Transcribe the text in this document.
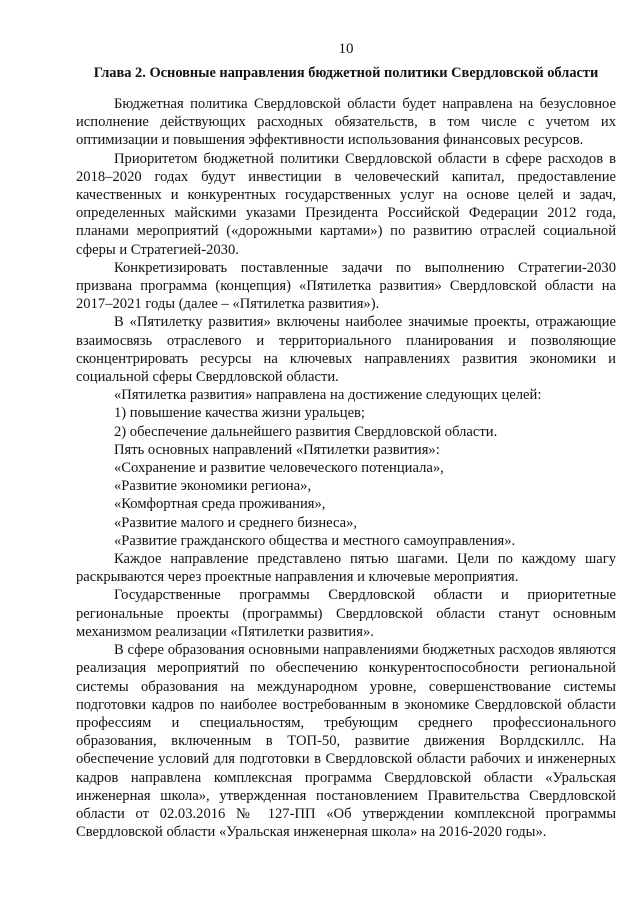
10
Глава 2. Основные направления бюджетной политики Свердловской области

Бюджетная политика Свердловской области будет направлена на безусловное исполнение действующих расходных обязательств, в том числе с учетом их оптимизации и повышения эффективности использования финансовых ресурсов.

Приоритетом бюджетной политики Свердловской области в сфере расходов в 2018–2020 годах будут инвестиции в человеческий капитал, предоставление качественных и конкурентных государственных услуг на основе целей и задач, определенных майскими указами Президента Российской Федерации 2012 года, планами мероприятий («дорожными картами») по развитию отраслей социальной сферы и Стратегией-2030.

Конкретизировать поставленные задачи по выполнению Стратегии-2030 призвана программа (концепция) «Пятилетка развития» Свердловской области на 2017–2021 годы (далее – «Пятилетка развития»).

В «Пятилетку развития» включены наиболее значимые проекты, отражающие взаимосвязь отраслевого и территориального планирования и позволяющие сконцентрировать ресурсы на ключевых направлениях развития экономики и социальной сферы Свердловской области.

«Пятилетка развития» направлена на достижение следующих целей:

1) повышение качества жизни уральцев;

2) обеспечение дальнейшего развития Свердловской области.

Пять основных направлений «Пятилетки развития»:

«Сохранение и развитие человеческого потенциала»,

«Развитие экономики региона»,

«Комфортная среда проживания»,

«Развитие малого и среднего бизнеса»,

«Развитие гражданского общества и местного самоуправления».

Каждое направление представлено пятью шагами. Цели по каждому шагу раскрываются через проектные направления и ключевые мероприятия.

Государственные программы Свердловской области и приоритетные региональные проекты (программы) Свердловской области станут основным механизмом реализации «Пятилетки развития».

В сфере образования основными направлениями бюджетных расходов являются реализация мероприятий по обеспечению конкурентоспособности региональной системы образования на международном уровне, совершенствование системы подготовки кадров по наиболее востребованным в экономике Свердловской области профессиям и специальностям, требующим среднего профессионального образования, включенным в ТОП-50, развитие движения Ворлдскиллс. На обеспечение условий для подготовки в Свердловской области рабочих и инженерных кадров направлена комплексная программа Свердловской области «Уральская инженерная школа», утвержденная постановлением Правительства Свердловской области от 02.03.2016 № 127-ПП «Об утверждении комплексной программы Свердловской области «Уральская инженерная школа» на 2016-2020 годы».
